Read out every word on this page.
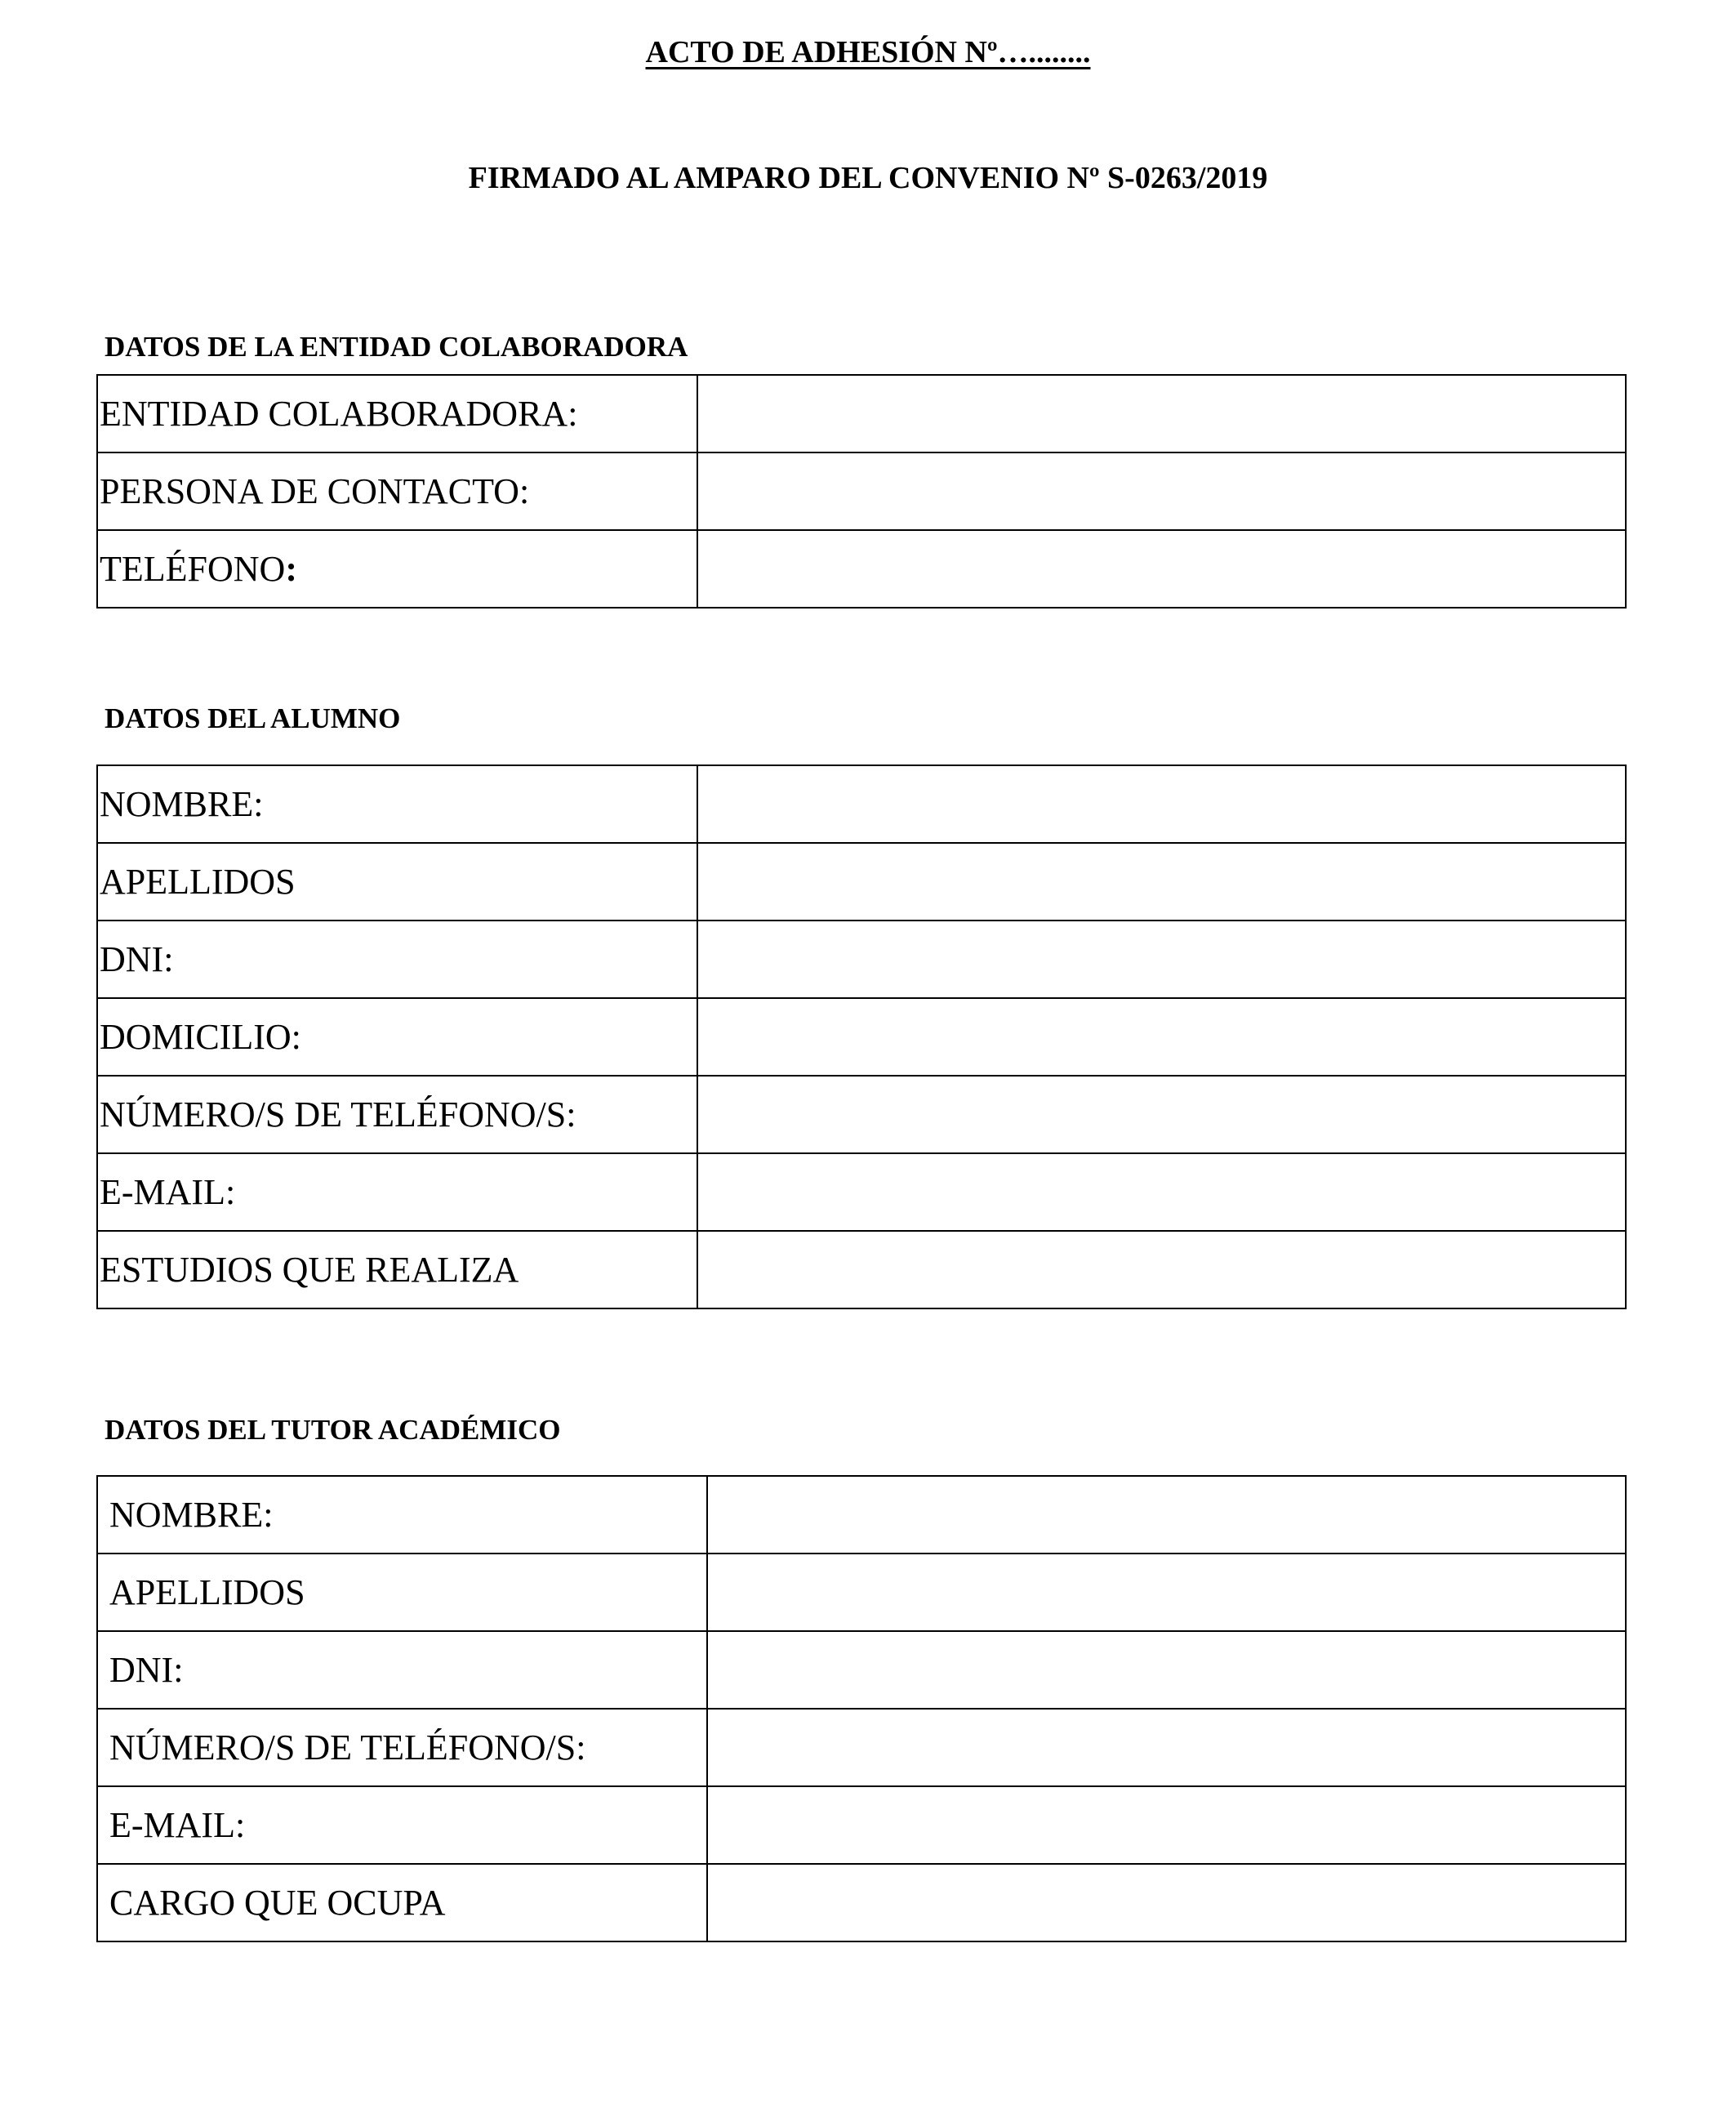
ACTO DE ADHESIÓN Nº…........
FIRMADO AL AMPARO DEL CONVENIO Nº S-0263/2019
DATOS DE LA ENTIDAD COLABORADORA
ENTIDAD COLABORADORA:	
PERSONA DE CONTACTO:	
TELÉFONO:	
DATOS DEL ALUMNO
NOMBRE:	
APELLIDOS	
DNI:	
DOMICILIO:	
NÚMERO/S DE TELÉFONO/S:	
E-MAIL:	
ESTUDIOS QUE REALIZA	
DATOS DEL TUTOR ACADÉMICO
NOMBRE:	
APELLIDOS	
DNI:	
NÚMERO/S DE TELÉFONO/S:	
E-MAIL:	
CARGO QUE OCUPA	
